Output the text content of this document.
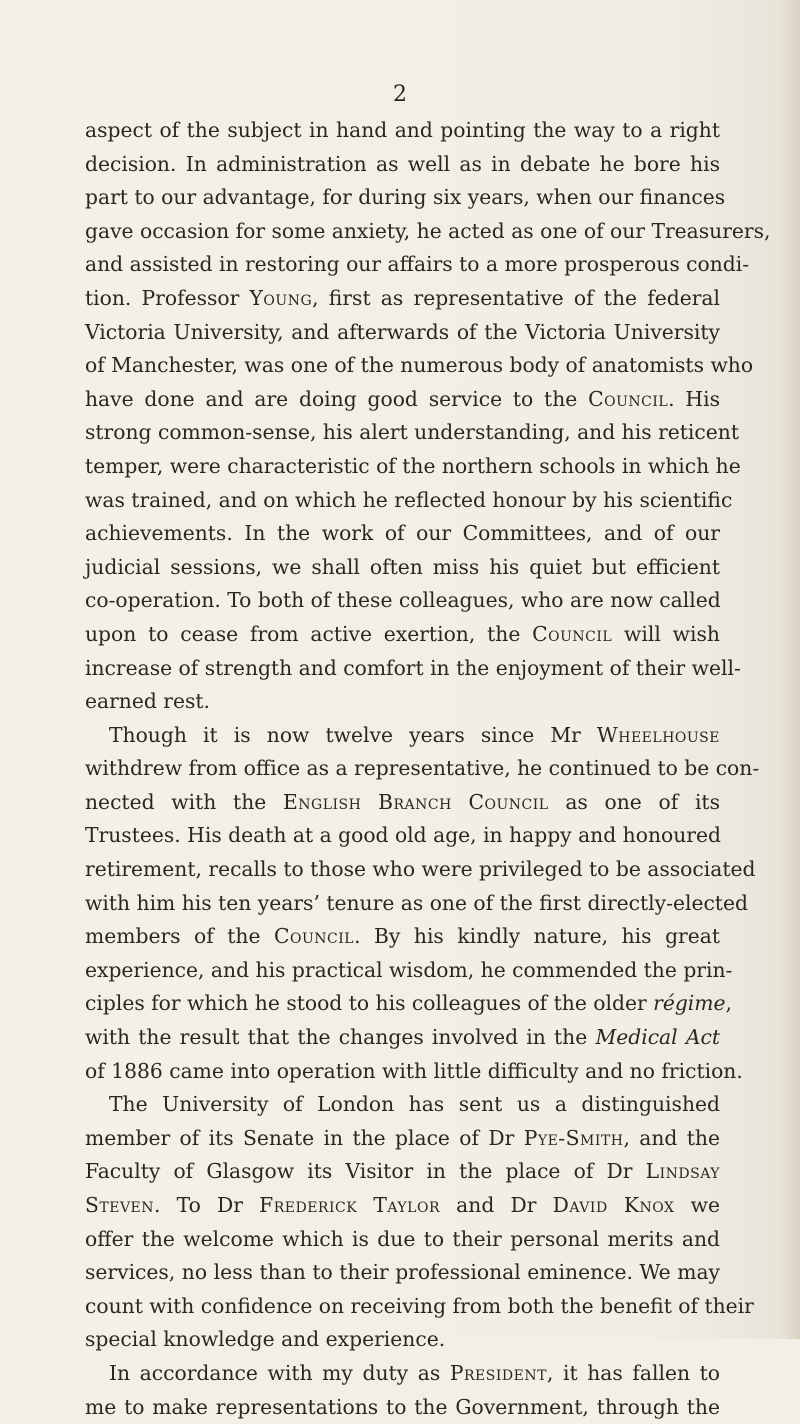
2
aspect of the subject in hand and pointing the way to a right
decision. In administration as well as in debate he bore his
part to our advantage, for during six years, when our finances
gave occasion for some anxiety, he acted as one of our Treasurers,
and assisted in restoring our affairs to a more prosperous condi-
tion. Professor Young, first as representative of the federal
Victoria University, and afterwards of the Victoria University
of Manchester, was one of the numerous body of anatomists who
have done and are doing good service to the Council. His
strong common-sense, his alert understanding, and his reticent
temper, were characteristic of the northern schools in which he
was trained, and on which he reflected honour by his scientific
achievements. In the work of our Committees, and of our
judicial sessions, we shall often miss his quiet but efficient
co-operation. To both of these colleagues, who are now called
upon to cease from active exertion, the Council will wish
increase of strength and comfort in the enjoyment of their well-
earned rest.
Though it is now twelve years since Mr Wheelhouse
withdrew from office as a representative, he continued to be con-
nected with the English Branch Council as one of its
Trustees. His death at a good old age, in happy and honoured
retirement, recalls to those who were privileged to be associated
with him his ten years’ tenure as one of the first directly-elected
members of the Council. By his kindly nature, his great
experience, and his practical wisdom, he commended the prin-
ciples for which he stood to his colleagues of the older régime,
with the result that the changes involved in the Medical Act
of 1886 came into operation with little difficulty and no friction.
The University of London has sent us a distinguished
member of its Senate in the place of Dr Pye-Smith, and the
Faculty of Glasgow its Visitor in the place of Dr Lindsay
Steven. To Dr Frederick Taylor and Dr David Knox we
offer the welcome which is due to their personal merits and
services, no less than to their professional eminence. We may
count with confidence on receiving from both the benefit of their
special knowledge and experience.
In accordance with my duty as President, it has fallen to
me to make representations to the Government, through the
